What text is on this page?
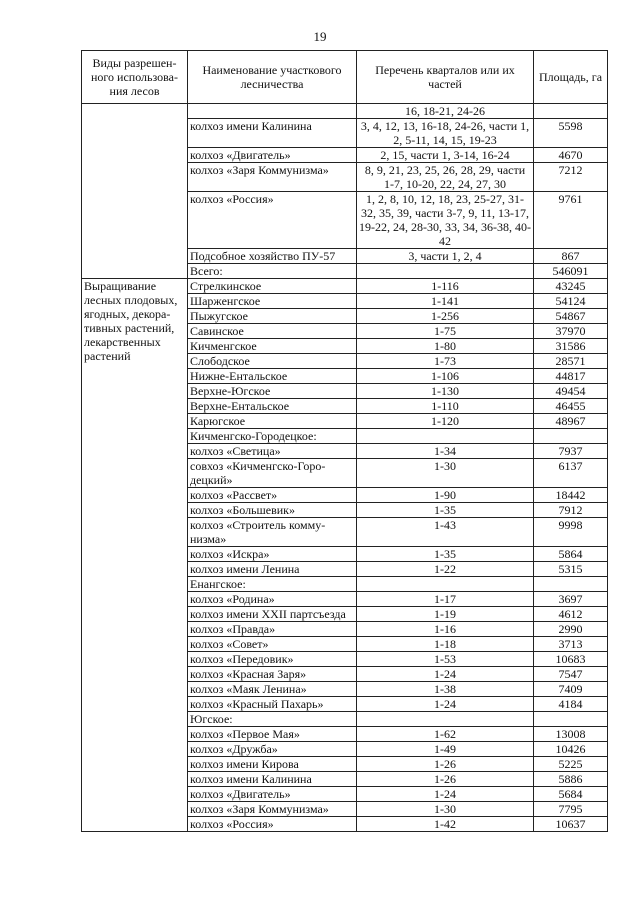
19
Виды разрешен-ного использова-ния лесов	Наименование участкового лесничества	Перечень кварталов или их частей	Площадь, га
		16, 18-21, 24-26	
	колхоз имени Калинина	3, 4, 12, 13, 16-18, 24-26, части 1, 2, 5-11, 14, 15, 19-23	5598
	колхоз «Двигатель»	2, 15, части 1, 3-14, 16-24	4670
	колхоз «Заря Коммунизма»	8, 9, 21, 23, 25, 26, 28, 29, части 1-7, 10-20, 22, 24, 27, 30	7212
	колхоз «Россия»	1, 2, 8, 10, 12, 18, 23, 25-27, 31-32, 35, 39, части 3-7, 9, 11, 13-17, 19-22, 24, 28-30, 33, 34, 36-38, 40-42	9761
	Подсобное хозяйство ПУ-57	3, части 1, 2, 4	867
	Всего:		546091
Выращивание лесных плодовых, ягодных, декора-тивных растений, лекарственных растений	Стрелкинское	1-116	43245
	Шарженгское	1-141	54124
	Пыжугское	1-256	54867
	Савинское	1-75	37970
	Кичменгское	1-80	31586
	Слободское	1-73	28571
	Нижне-Ентальское	1-106	44817
	Верхне-Югское	1-130	49454
	Верхне-Ентальское	1-110	46455
	Карюгское	1-120	48967
	Кичменгско-Городецкое:		
	колхоз «Светица»	1-34	7937
	совхоз «Кичменгско-Горо-децкий»	1-30	6137
	колхоз «Рассвет»	1-90	18442
	колхоз «Большевик»	1-35	7912
	колхоз «Строитель комму-низма»	1-43	9998
	колхоз «Искра»	1-35	5864
	колхоз имени Ленина	1-22	5315
	Енангское:		
	колхоз «Родина»	1-17	3697
	колхоз имени XXII партсъезда	1-19	4612
	колхоз «Правда»	1-16	2990
	колхоз «Совет»	1-18	3713
	колхоз «Передовик»	1-53	10683
	колхоз «Красная Заря»	1-24	7547
	колхоз «Маяк Ленина»	1-38	7409
	колхоз «Красный Пахарь»	1-24	4184
	Югское:		
	колхоз «Первое Мая»	1-62	13008
	колхоз «Дружба»	1-49	10426
	колхоз имени Кирова	1-26	5225
	колхоз имени Калинина	1-26	5886
	колхоз «Двигатель»	1-24	5684
	колхоз «Заря Коммунизма»	1-30	7795
	колхоз «Россия»	1-42	10637
